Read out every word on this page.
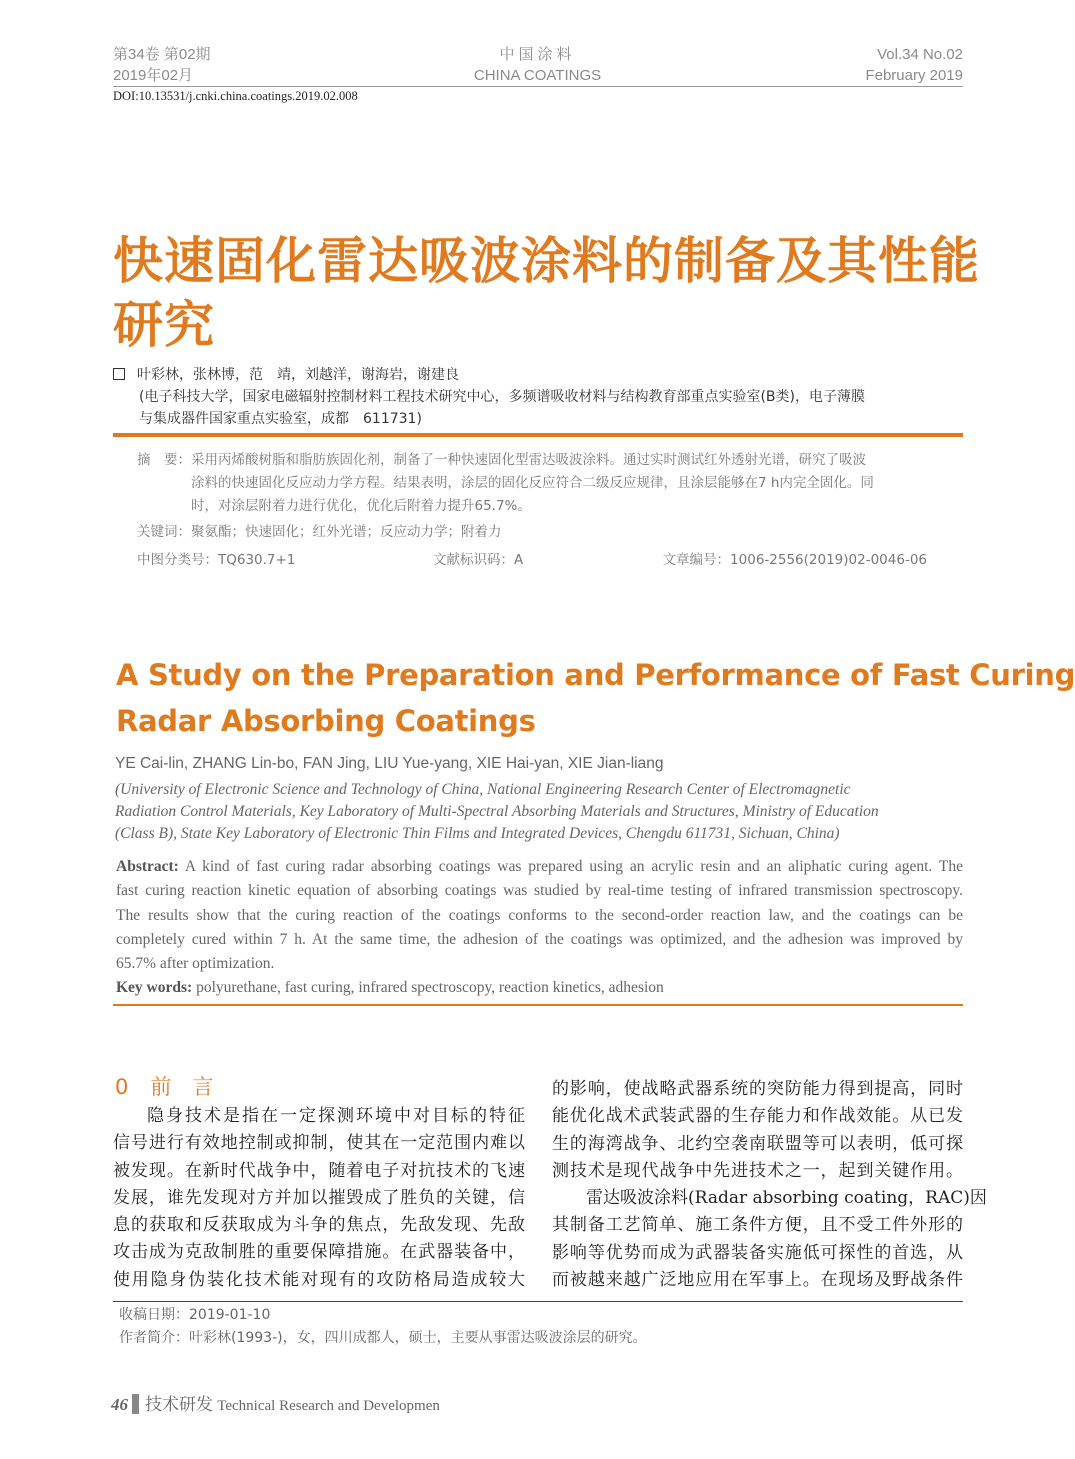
第34卷 第02期
2019年02月
中国涂料
CHINA COATINGS
Vol.34 No.02
February 2019
DOI:10.13531/j.cnki.china.coatings.2019.02.008
快速固化雷达吸波涂料的制备及其性能
研究
叶彩林，张林博，范　靖，刘越洋，谢海岩，谢建良
(电子科技大学，国家电磁辐射控制材料工程技术研究中心，多频谱吸收材料与结构教育部重点实验室(B类)，电子薄膜
与集成器件国家重点实验室，成都　611731)
摘　要：采用丙烯酸树脂和脂肪族固化剂，制备了一种快速固化型雷达吸波涂料。通过实时测试红外透射光谱，研究了吸波
涂料的快速固化反应动力学方程。结果表明，涂层的固化反应符合二级反应规律，且涂层能够在7 h内完全固化。同
时，对涂层附着力进行优化，优化后附着力提升65.7%。
关键词：聚氨酯；快速固化；红外光谱；反应动力学；附着力
中图分类号：TQ630.7+1	文献标识码：A	文章编号：1006-2556(2019)02-0046-06
A Study on the Preparation and Performance of Fast Curing
Radar Absorbing Coatings
YE Cai-lin, ZHANG Lin-bo, FAN Jing, LIU Yue-yang, XIE Hai-yan, XIE Jian-liang
(University of Electronic Science and Technology of China, National Engineering Research Center of Electromagnetic
Radiation Control Materials, Key Laboratory of Multi-Spectral Absorbing Materials and Structures, Ministry of Education
(Class B), State Key Laboratory of Electronic Thin Films and Integrated Devices, Chengdu 611731, Sichuan, China)
Abstract: A kind of fast curing radar absorbing coatings was prepared using an acrylic resin and an aliphatic curing agent. The
fast curing reaction kinetic equation of absorbing coatings was studied by real-time testing of infrared transmission spectroscopy.
The results show that the curing reaction of the coatings conforms to the second-order reaction law, and the coatings can be
completely cured within 7 h. At the same time, the adhesion of the coatings was optimized, and the adhesion was improved by
65.7% after optimization.
Key words: polyurethane, fast curing, infrared spectroscopy, reaction kinetics, adhesion
0 前　言
隐身技术是指在一定探测环境中对目标的特征
信号进行有效地控制或抑制，使其在一定范围内难以
被发现。在新时代战争中，随着电子对抗技术的飞速
发展，谁先发现对方并加以摧毁成了胜负的关键，信
息的获取和反获取成为斗争的焦点，先敌发现、先敌
攻击成为克敌制胜的重要保障措施。在武器装备中，
使用隐身伪装化技术能对现有的攻防格局造成较大
的影响，使战略武器系统的突防能力得到提高，同时
能优化战术武装武器的生存能力和作战效能。从已发
生的海湾战争、北约空袭南联盟等可以表明，低可探
测技术是现代战争中先进技术之一，起到关键作用。
雷达吸波涂料(Radar absorbing coating，RAC)因
其制备工艺简单、施工条件方便，且不受工件外形的
影响等优势而成为武器装备实施低可探性的首选，从
而被越来越广泛地应用在军事上。在现场及野战条件
收稿日期：2019-01-10
作者简介：叶彩林(1993-)，女，四川成都人，硕士，主要从事雷达吸波涂层的研究。
46 技术研发 Technical Research and Developmen
